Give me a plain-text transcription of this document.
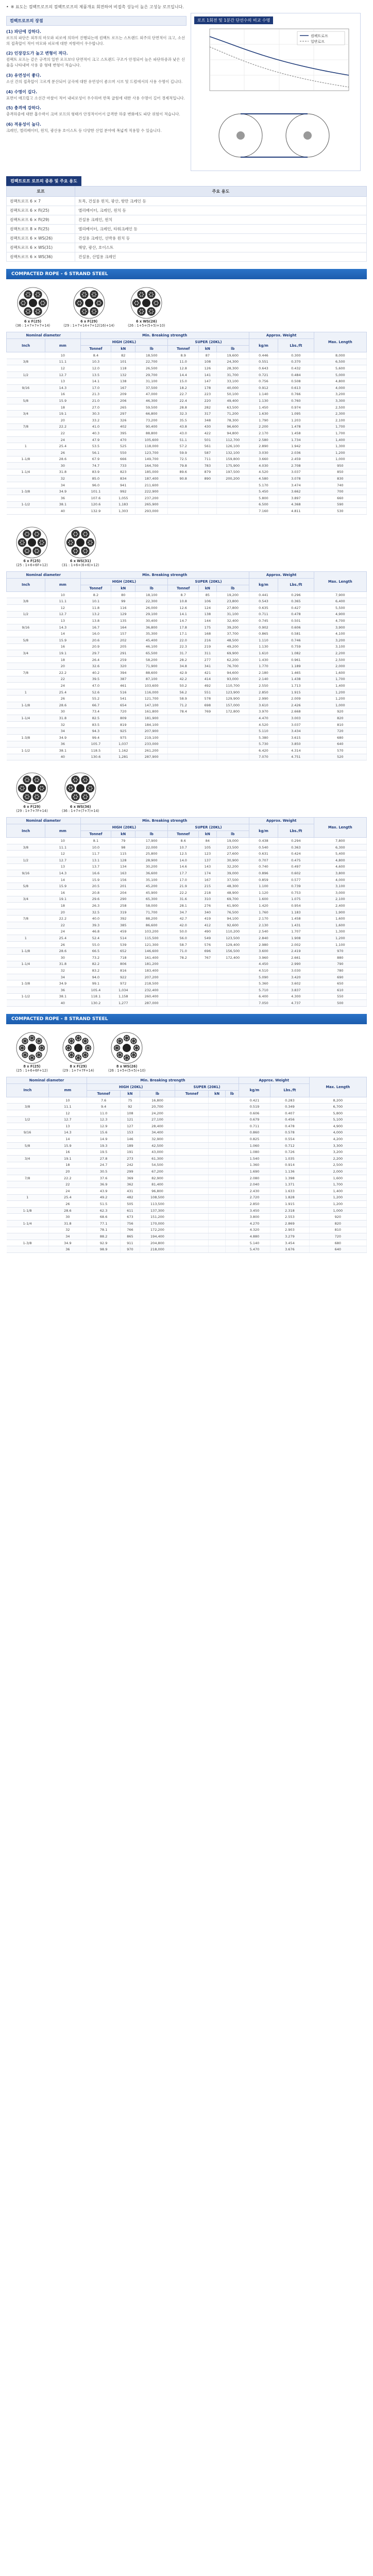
• ※ 표도는 컴팩트로프의 컴팩트로프의 제품개요 회전하여 비접촉 성능이 높은 고성능 로프입니다.
컴팩트로프의 장점
(1) 파단에 강하다.

로프의 파단은 외부의 마모와 피로에 의하여 진행되는데 컴팩트 로프는 스트랜드 외주의 단면적이 크고, 소선의 접촉압이 적어 마모와 피로에 대한 저항력이 우수합니다.

(2) 인장강도가 높고 변형이 적다.

컴팩트 로프는 같은 규격의 일반 로프보다 단면적이 크고 스트랜드 구조가 안정되어 높은 파단하중과 낮은 신율을 나타내며 사용 중 형태 변형이 적습니다.

(3) 유연성이 좋다.

소선 간의 접촉압이 고르게 분산되어 굴곡에 대한 유연성이 좋으며 시브 및 드럼에서의 사용 수명이 깁니다.

(4) 수명이 길다.

표면이 매끄럽고 소선간 마찰이 적어 내피로성이 우수하며 반복 굽힘에 대한 사용 수명이 길어 경제적입니다.

(5) 충격에 강하다.

충격하중에 대한 흡수력이 크며 로프의 형태가 안정적이어서 급격한 하중 변화에도 파단 위험이 적습니다.

(6) 적용성이 높다.

크레인, 엘리베이터, 윈치, 광산용 호이스트 등 다양한 산업 분야에 폭넓게 적용할 수 있습니다.

로프 1회전 및 1분간 단선수의 비교 수명
컴팩트로프
일반로프

컴팩트로프 로프의 종류 및 주요 용도
로프	주요 용도
컴팩트로프 6 × 7	토목, 건설용 윈치, 광산, 항만 크레인 등
컴팩트로프 6 × Fi(25)	엘리베이터, 크레인, 윈치 등
컴팩트로프 6 × Fi(29)	건설용 크레인, 윈치
컴팩트로프 8 × Fi(25)	엘리베이터, 크레인, 타워크레인 등
컴팩트로프 6 × WS(26)	건설용 크레인, 선박용 윈치 등
컴팩트로프 6 × WS(31)	해양, 광산, 호이스트
컴팩트로프 6 × WS(36)	건설용, 산업용 크레인
COMPACTED ROPE - 6 STRAND STEEL
6 x F(25)
(36 : 1+7+7+7+14)
6 x F(29)
(29 : 1+7+14+7+12(16)+14)
6 x WS(26)
(26 : 1+5+(5+5)+10)
Nominal diameter		Min. Breaking strength						Approx. Weight		Max. Length
Inch	mm	HIGH (20KL)			SUPER (20KL)			kg/m	Lbs./ft	
		Tonnef	kN	lb	Tonnef	kN	lb			
	10	8.4	82	18,500	8.9	87	19,600	0.446	0.300	8,000
3/8	11.1	10.3	101	22,700	11.0	108	24,300	0.551	0.370	6,500
	12	12.0	118	26,500	12.8	126	28,300	0.643	0.432	5,600
1/2	12.7	13.5	132	29,700	14.4	141	31,700	0.721	0.484	5,000
	13	14.1	138	31,100	15.0	147	33,100	0.756	0.508	4,800
9/16	14.3	17.0	167	37,500	18.2	178	40,000	0.912	0.613	4,000
	16	21.3	209	47,000	22.7	223	50,100	1.140	0.766	3,200
5/8	15.9	21.0	206	46,300	22.4	220	49,400	1.130	0.760	3,300
	18	27.0	265	59,500	28.8	282	63,500	1.450	0.974	2,500
3/4	19.1	30.3	297	66,800	32.3	317	71,200	1.630	1.095	2,300
	20	33.2	326	73,200	35.5	348	78,300	1.790	1.203	2,100
7/8	22.2	41.0	402	90,400	43.8	430	96,600	2.200	1.478	1,700
	22	40.3	395	88,800	43.0	422	94,800	2.170	1.458	1,700
	24	47.9	470	105,600	51.1	501	112,700	2.580	1.734	1,400
1	25.4	53.5	525	118,000	57.2	561	126,100	2.890	1.942	1,300
	26	56.1	550	123,700	59.9	587	132,100	3.030	2.036	1,200
1-1/8	28.6	67.9	666	149,700	72.5	711	159,800	3.660	2.459	1,000
	30	74.7	733	164,700	79.8	783	175,900	4.030	2.708	950
1-1/4	31.8	83.9	823	185,000	89.6	879	197,500	4.520	3.037	850
	32	85.0	834	187,400	90.8	890	200,200	4.580	3.078	830
	34	96.0	941	211,600				5.170	3.474	740
1-3/8	34.9	101.1	992	222,900				5.450	3.662	700
	36	107.6	1,055	237,200				5.800	3.897	660
1-1/2	38.1	120.6	1,183	265,900				6.500	4.368	590
	40	132.9	1,303	293,000				7.160	4.811	530
6 x F(25)
(25 : 1+6+6F+12)
6 x WS(31)
(31 : 1+6+(6+6)+12)
Nominal diameter		Min. Breaking strength						Approx. Weight		Max. Length
Inch	mm	HIGH (20KL)			SUPER (20KL)			kg/m	Lbs./ft	
		Tonnef	kN	lb	Tonnef	kN	lb			
	10	8.2	80	18,100	8.7	85	19,200	0.441	0.296	7,900
3/8	11.1	10.1	99	22,300	10.8	106	23,800	0.543	0.365	6,400
	12	11.8	116	26,000	12.6	124	27,800	0.635	0.427	5,500
1/2	12.7	13.2	129	29,100	14.1	138	31,100	0.711	0.478	4,900
	13	13.8	135	30,400	14.7	144	32,400	0.745	0.501	4,700
9/16	14.3	16.7	164	36,800	17.8	175	39,200	0.902	0.606	3,900
	14	16.0	157	35,300	17.1	168	37,700	0.865	0.581	4,100
5/8	15.9	20.6	202	45,400	22.0	216	48,500	1.110	0.746	3,200
	16	20.9	205	46,100	22.3	219	49,200	1.130	0.759	3,100
3/4	19.1	29.7	291	65,500	31.7	311	69,900	1.610	1.082	2,200
	18	26.4	259	58,200	28.2	277	62,200	1.430	0.961	2,500
	20	32.6	320	71,900	34.8	341	76,700	1.770	1.189	2,000
7/8	22.2	40.2	394	88,600	42.9	421	94,600	2.180	1.465	1,600
	22	39.5	387	87,100	42.2	414	93,000	2.140	1.438	1,700
	24	47.0	461	103,600	50.2	492	110,700	2.550	1.713	1,400
1	25.4	52.6	516	116,000	56.2	551	123,900	2.850	1.915	1,200
	26	55.2	541	121,700	58.9	578	129,900	2.990	2.009	1,200
1-1/8	28.6	66.7	654	147,100	71.2	698	157,000	3.610	2.426	1,000
	30	73.4	720	161,800	78.4	769	172,800	3.970	2.668	920
1-1/4	31.8	82.5	809	181,900				4.470	3.003	820
	32	83.5	819	184,100				4.520	3.037	810
	34	94.3	925	207,900				5.110	3.434	720
1-3/8	34.9	99.4	975	219,100				5.380	3.615	680
	36	105.7	1,037	233,000				5.730	3.850	640
1-1/2	38.1	118.5	1,162	261,200				6.420	4.314	570
	40	130.6	1,281	287,900				7.070	4.751	520
6 x F(29)
(29 : 1+7+7F+14)
6 x WS(36)
(36 : 1+7+(7+7)+14)
Nominal diameter		Min. Breaking strength						Approx. Weight		Max. Length
Inch	mm	HIGH (20KL)			SUPER (20KL)			kg/m	Lbs./ft	
		Tonnef	kN	lb	Tonnef	kN	lb			
	10	8.1	79	17,900	8.6	84	19,000	0.438	0.294	7,800
3/8	11.1	10.0	98	22,000	10.7	105	23,500	0.540	0.363	6,300
	12	11.7	115	25,800	12.5	123	27,600	0.631	0.424	5,400
1/2	12.7	13.1	128	28,900	14.0	137	30,900	0.707	0.475	4,800
	13	13.7	134	30,200	14.6	143	32,200	0.740	0.497	4,600
9/16	14.3	16.6	163	36,600	17.7	174	39,000	0.896	0.602	3,800
	14	15.9	156	35,100	17.0	167	37,500	0.859	0.577	4,000
5/8	15.9	20.5	201	45,200	21.9	215	48,300	1.100	0.739	3,100
	16	20.8	204	45,900	22.2	218	48,900	1.120	0.753	3,000
3/4	19.1	29.6	290	65,300	31.6	310	69,700	1.600	1.075	2,100
	18	26.3	258	58,000	28.1	276	61,900	1.420	0.954	2,400
	20	32.5	319	71,700	34.7	340	76,500	1.760	1.183	1,900
7/8	22.2	40.0	392	88,200	42.7	419	94,100	2.170	1.458	1,600
	22	39.3	385	86,600	42.0	412	92,600	2.130	1.431	1,600
	24	46.8	459	103,200	50.0	490	110,200	2.540	1.707	1,300
1	25.4	52.4	514	115,500	56.0	549	123,500	2.840	1.908	1,200
	26	55.0	539	121,300	58.7	576	129,400	2.980	2.002	1,100
1-1/8	28.6	66.5	652	146,600	71.0	696	156,500	3.600	2.419	970
	30	73.2	718	161,400	78.2	767	172,400	3.960	2.661	880
1-1/4	31.8	82.2	806	181,200				4.450	2.990	790
	32	83.2	816	183,400				4.510	3.030	780
	34	94.0	922	207,200				5.090	3.420	690
1-3/8	34.9	99.1	972	218,500				5.360	3.602	650
	36	105.4	1,034	232,400				5.710	3.837	610
1-1/2	38.1	118.1	1,158	260,400				6.400	4.300	550
	40	130.2	1,277	287,000				7.050	4.737	500
COMPACTED ROPE - 8 STRAND STEEL
8 x F(25)
(25 : 1+6+6F+12)
8 x F(29)
(29 : 1+7+7F+14)
8 x WS(26)
(26 : 1+5+(5+5)+10)
Nominal diameter		Min. Breaking strength						Approx. Weight		Max. Length
Inch	mm	HIGH (20KL)			SUPER (20KL)			kg/m	Lbs./ft	
		Tonnef	kN	lb	Tonnef	kN	lb			
	10	7.6	75	16,800				0.421	0.283	8,200
3/8	11.1	9.4	92	20,700				0.519	0.349	6,700
	12	11.0	108	24,200				0.606	0.407	5,800
1/2	12.7	12.3	121	27,100				0.679	0.456	5,100
	13	12.9	127	28,400				0.711	0.478	4,900
9/16	14.3	15.6	153	34,400				0.860	0.578	4,000
	14	14.9	146	32,900				0.825	0.554	4,200
5/8	15.9	19.3	189	42,500				1.060	0.712	3,300
	16	19.5	191	43,000				1.080	0.726	3,200
3/4	19.1	27.8	273	61,300				1.540	1.035	2,200
	18	24.7	242	54,500				1.360	0.914	2,500
	20	30.5	299	67,200				1.690	1.136	2,000
7/8	22.2	37.6	369	82,900				2.080	1.398	1,600
	22	36.9	362	81,400				2.040	1.371	1,700
	24	43.9	431	96,800				2.430	1.633	1,400
1	25.4	49.2	482	108,500				2.720	1.828	1,200
	26	51.5	505	113,500				2.850	1.915	1,200
1-1/8	28.6	62.3	611	137,300				3.450	2.318	1,000
	30	68.6	673	151,200				3.800	2.553	920
1-1/4	31.8	77.1	756	170,000				4.270	2.869	820
	32	78.1	766	172,200				4.320	2.903	810
	34	88.2	865	194,400				4.880	3.279	720
1-3/8	34.9	92.9	911	204,800				5.140	3.454	680
	36	98.9	970	218,000				5.470	3.676	640
